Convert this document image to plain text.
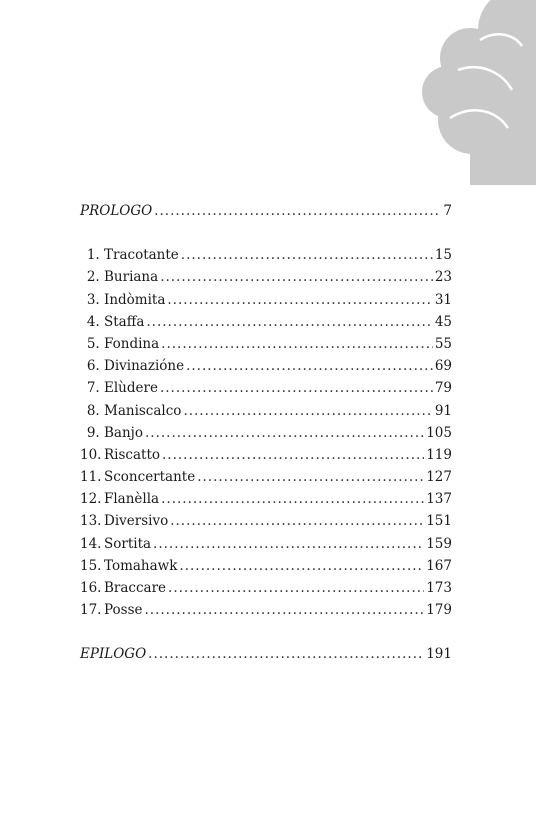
PROLOGO .....	7
1. Tracotante .....	15
2. Buriana .....	23
3. Indòmita .....	31
4. Staffa .....	45
5. Fondina .....	55
6. Divinazióne .....	69
7. Elùdere .....	79
8. Maniscalco .....	91
9. Banjo .....	105
10. Riscatto .....	119
11. Sconcertante .....	127
12. Flanèlla .....	137
13. Diversivo .....	151
14. Sortita .....	159
15. Tomahawk .....	167
16. Braccare .....	173
17. Posse .....	179
EPILOGO .....	191
